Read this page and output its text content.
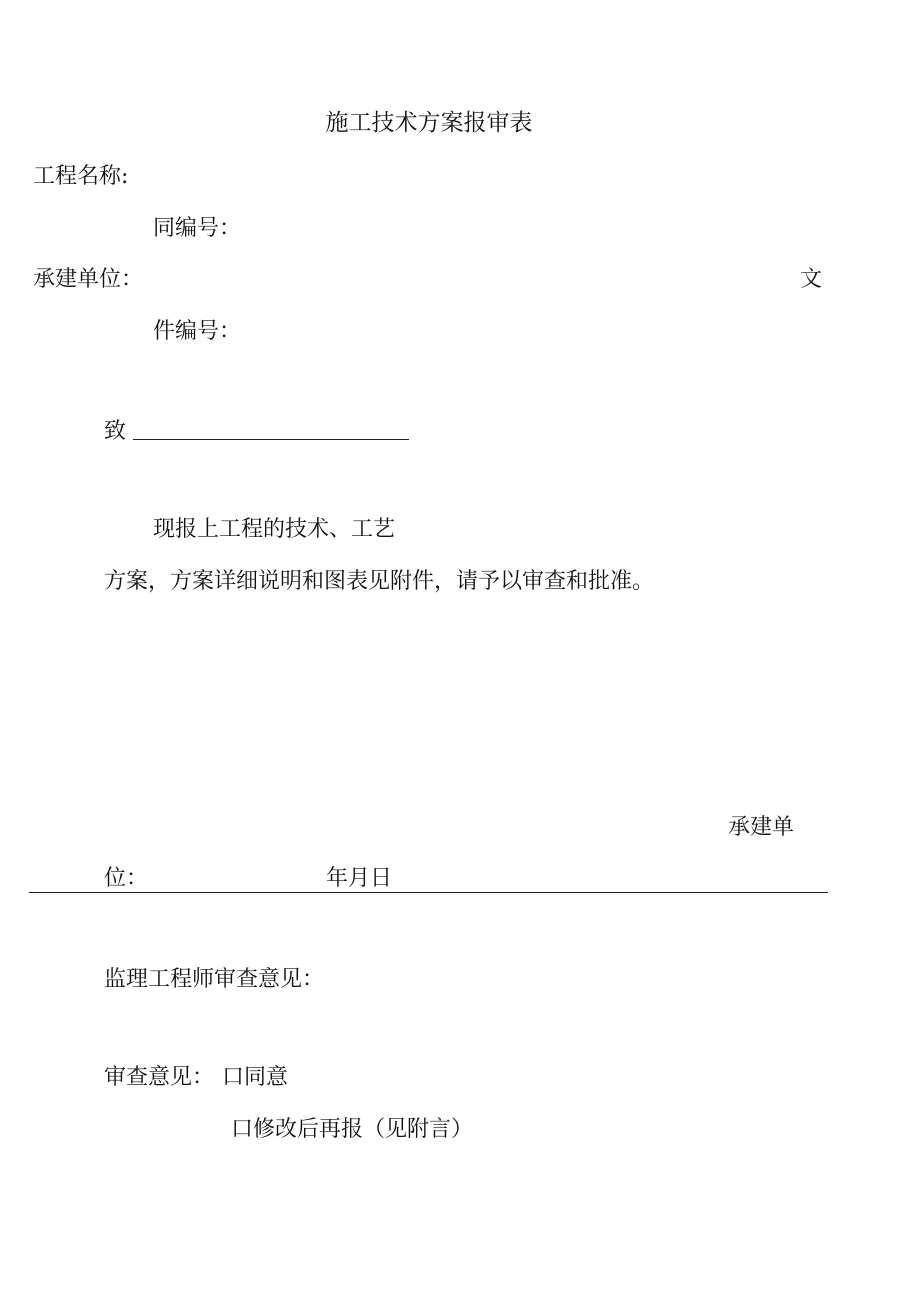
施工技术方案报审表
工程名称:
同编号：
承建单位：	文
件编号：
致
现报上工程的技术、工艺
方案，方案详细说明和图表见附件，请予以审查和批准。
承建单
位：	年月日
监理工程师审查意见：
审查意见： 口同意
口修改后再报（见附言）
